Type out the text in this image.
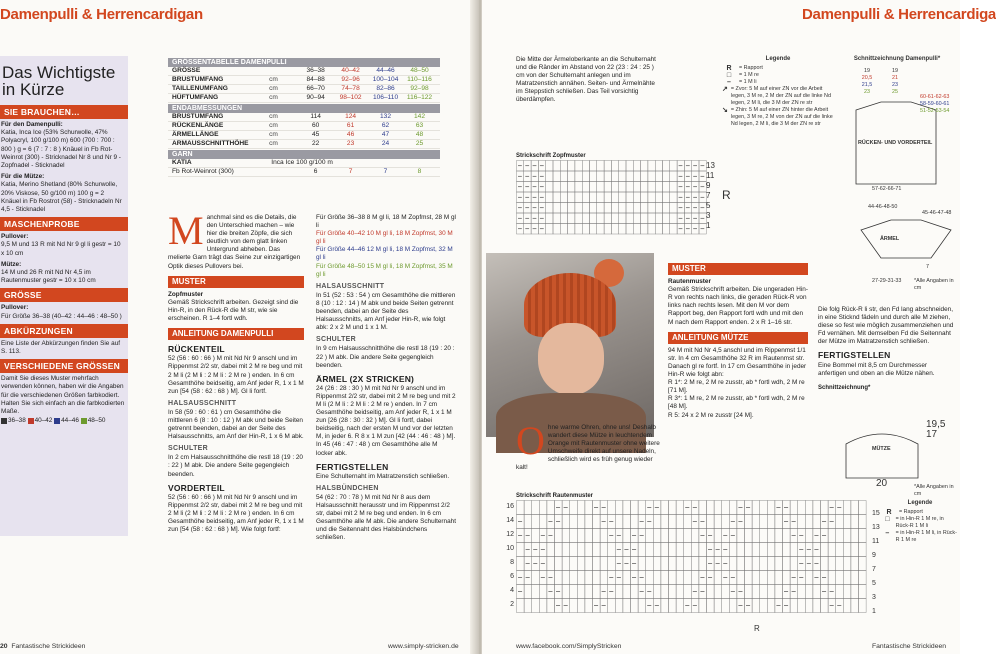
Damenpulli & Herrencardigan
Das Wichtigste
in Kürze
SIE BRAUCHEN…
Für den Damenpulli:
Katia, Inca Ice (53% Schurwolle, 47% Polyacryl, 100 g/100 m) 600 (700 : 700 : 800 ) g = 6 (7 : 7 : 8 ) Knäuel in Fb Rot-Weinrot (300) - Stricknadel Nr 8 und Nr 9 - Zopfnadel - Sticknadel
Für die Mütze:
Katia, Merino Shetland (80% Schurwolle, 20% Viskose, 50 g/100 m) 100 g = 2 Knäuel in Fb Rostrot (58) - Stricknadeln Nr 4,5 - Sticknadel
MASCHENPROBE
Pullover:
9,5 M und 13 R mit Nd Nr 9 gl li gestr = 10 x 10 cm
Mütze:
14 M und 26 R mit Nd Nr 4,5 im Rautenmuster gestr = 10 x 10 cm
GRÖSSE
Pullover:
Für Größe 36–38 (40–42 : 44–46 : 48–50 )
ABKÜRZUNGEN
Eine Liste der Abkürzungen finden Sie auf S. 113.
VERSCHIEDENE GRÖSSEN
Damit Sie dieses Muster mehrfach verwenden können, haben wir die Angaben für die verschiedenen Größen farbkodiert. Halten Sie sich einfach an die farbkodierten Maße.
36–38 40–42 44–46 48–50
GRÖSSENTABELLE DAMENPULLI
GRÖSSE	36–38	40–42	44–46	48–50
BRUSTUMFANG	cm	84–88	92–96	100–104	110–116
TAILLENUMFANG	cm	66–70	74–78	82–86	92–98
HÜFTUMFANG	cm	90–94	98–102	106–110	116–122
ENDABMESSUNGEN
BRUSTUMFANG	cm	114	124	132	142
RÜCKENLÄNGE	cm	60	61	62	63
ÄRMELLÄNGE	cm	45	46	47	48
ARMAUSSCHNITTHÖHE	cm	22	23	24	25
GARN
KATIA	Inca Ice 100 g/100 m
Fb Rot-Weinrot (300)	6	7	7	8
Manchmal sind es die Details, die den Unterschied machen – wie hier die breiten Zöpfe, die sich deutlich von dem glatt linken Untergrund abheben. Das melierte Garn trägt das Seine zur einzigartigen Optik dieses Pullovers bei.
MUSTER
Zopfmuster
Gemäß Strickschrift arbeiten. Gezeigt sind die Hin-R, in den Rück-R die M str, wie sie erscheinen. R 1–4 fortl wdh.
ANLEITUNG DAMENPULLI
RÜCKENTEIL

52 (56 : 60 : 66 ) M mit Nd Nr 9 anschl und im Rippenmst 2/2 str, dabei mit 2 M re beg und mit 2 M li (2 M li : 2 M li : 2 M re ) enden. In 6 cm Gesamthöhe beidseitig, am Anf jeder R, 1 x 1 M zun [54 (58 : 62 : 68 ) M]. Gl li fortf.

HALSAUSSCHNITT

In 58 (59 : 60 : 61 ) cm Gesamthöhe die mittleren 6 (8 : 10 : 12 ) M abk und beide Seiten getrennt beenden, dabei an der Seite des Halsausschnitts, am Anf der Hin-R, 1 x 6 M abk.

SCHULTER

In 2 cm Halsausschnitthöhe die restl 18 (19 : 20 : 22 ) M abk. Die andere Seite gegengleich beenden.

VORDERTEIL

52 (56 : 60 : 66 ) M mit Nd Nr 9 anschl und im Rippenmst 2/2 str, dabei mit 2 M re beg und mit 2 M li (2 M li : 2 M li : 2 M re ) enden. In 6 cm Gesamthöhe beidseitig, am Anf jeder R, 1 x 1 M zun [54 (58 : 62 : 68 ) M]. Wie folgt fortf:

Für Größe 36–38 8 M gl li, 18 M Zopfmst, 28 M gl li

Für Größe 40–42 10 M gl li, 18 M Zopfmst, 30 M gl li

Für Größe 44–46 12 M gl li, 18 M Zopfmst, 32 M gl li

Für Größe 48–50 15 M gl li, 18 M Zopfmst, 35 M gl li

HALSAUSSCHNITT

In 51 (52 : 53 : 54 ) cm Gesamthöhe die mittleren 8 (10 : 12 : 14 ) M abk und beide Seiten getrennt beenden, dabei an der Seite des Halsausschnitts, am Anf jeder Hin-R, wie folgt abk: 2 x 2 M und 1 x 1 M.

SCHULTER

In 9 cm Halsausschnitthöhe die restl 18 (19 : 20 : 22 ) M abk. Die andere Seite gegengleich beenden.

ÄRMEL (2X STRICKEN)

24 (26 : 28 : 30 ) M mit Nd Nr 9 anschl und im Rippenmst 2/2 str, dabei mit 2 M re beg und mit 2 M li (2 M li : 2 M li : 2 M re ) enden. In 7 cm Gesamthöhe beidseitig, am Anf jeder R, 1 x 1 M zun [26 (28 : 30 : 32 ) M]. Gl li fortf, dabei beidseitig, nach der ersten M und vor der letzten M, in jeder 6. R 8 x 1 M zun [42 (44 : 46 : 48 ) M]. In 45 (46 : 47 : 48 ) cm Gesamthöhe alle M locker abk.

FERTIGSTELLEN

Eine Schulternaht im Matratzenstich schließen.

HALSBÜNDCHEN

54 (62 : 70 : 78 ) M mit Nd Nr 8 aus dem Halsausschnitt herausstr und im Rippenmst 2/2 str, dabei mit 2 M re beg und enden. In 6 cm Gesamthöhe alle M abk. Die andere Schulternaht und die Seitennaht des Halsbündchens schließen.

20 Fantastische Strickideen	www.simply-stricken.de
Damenpulli & Herrencardiga

Die Mitte der Ärmeloberkante an die Schulternaht und die Ränder im Abstand von 22 (23 : 24 : 25 ) cm von der Schulternaht anlegen und im Matratzenstich annähen. Seiten- und Ärmelnähte im Steppstich schließen. Das Teil vorsichtig überdämpfen.

Strickschrift Zopfmuster
13
11
9
7
5
3
1
R
Legende
R	= Rapport
□	= 1 M re
–	= 1 M li
↗ = Zvor: 5 M auf einer ZN vor die Arbeit legen, 3 M re, 2 M der ZN auf die linke Nd legen, 2 M li, die 3 M der ZN re str
↘ = Zhin: 5 M auf einer ZN hinter die Arbeit legen, 3 M re, 2 M von der ZN auf die linke Nd legen, 2 M li, die 3 M der ZN re str
Schnittzeichnung Damenpulli*
19
20,5
21,5
23
19
21
23
25
60-61-62-63
58-59-60-61
51-52-53-54
RÜCKEN- UND VORDERTEIL
57-62-66-71
44-46-48-50
ÄRMEL
45-46-47-48
7
27-29-31-33 *Alle Angaben in cm
MUSTER
Rautenmuster
Gemäß Strickschrift arbeiten. Die ungeraden Hin-R von rechts nach links, die geraden Rück-R von links nach rechts lesen. Mit den M vor dem Rapport beg, den Rapport fortl wdh und mit den M nach dem Rapport enden. 2 x R 1–16 str.
ANLEITUNG MÜTZE

94 M mit Nd Nr 4,5 anschl und im Rippenmst 1/1 str. In 4 cm Gesamthöhe 32 R im Rautenmst str. Danach gl re fortf. In 17 cm Gesamthöhe in jeder Hin-R wie folgt abn:

R 1*: 2 M re, 2 M re zusstr, ab * fortl wdh, 2 M re [71 M].

R 3*: 1 M re, 2 M re zusstr, ab * fortl wdh, 2 M re [48 M].

R 5: 24 x 2 M re zusstr [24 M].

Ohne warme Ohren, ohne uns! Deshalb wandert diese Mütze in leuchtendem Orange mit Rautenmuster ohne weitere Umschweife direkt auf unsere Nadeln, schließlich wird es früh genug wieder kalt!

Die folg Rück-R li str, den Fd lang abschneiden, in eine Sticknd fädeln und durch alle M ziehen, diese so fest wie möglich zusammenziehen und Fd vernähen. Mit demselben Fd die Seitennaht der Mütze im Matratzenstich schließen.

FERTIGSTELLEN

Eine Bommel mit 8,5 cm Durchmesser anfertigen und oben an die Mütze nähen.

Schnittzeichnung*
MÜTZE
19,5
17
20	*Alle Angaben in cm
Legende
R	= Rapport
□	= in Hin-R 1 M re, in Rück-R 1 M li
–	= in Hin-R 1 M li, in Rück-R 1 M re
Strickschrift Rautenmuster
16
14
12
10
8
6
4
2
15
13
11
9
7
5
3
1
R
www.facebook.com/SimplyStricken	Fantastische Strickideen
